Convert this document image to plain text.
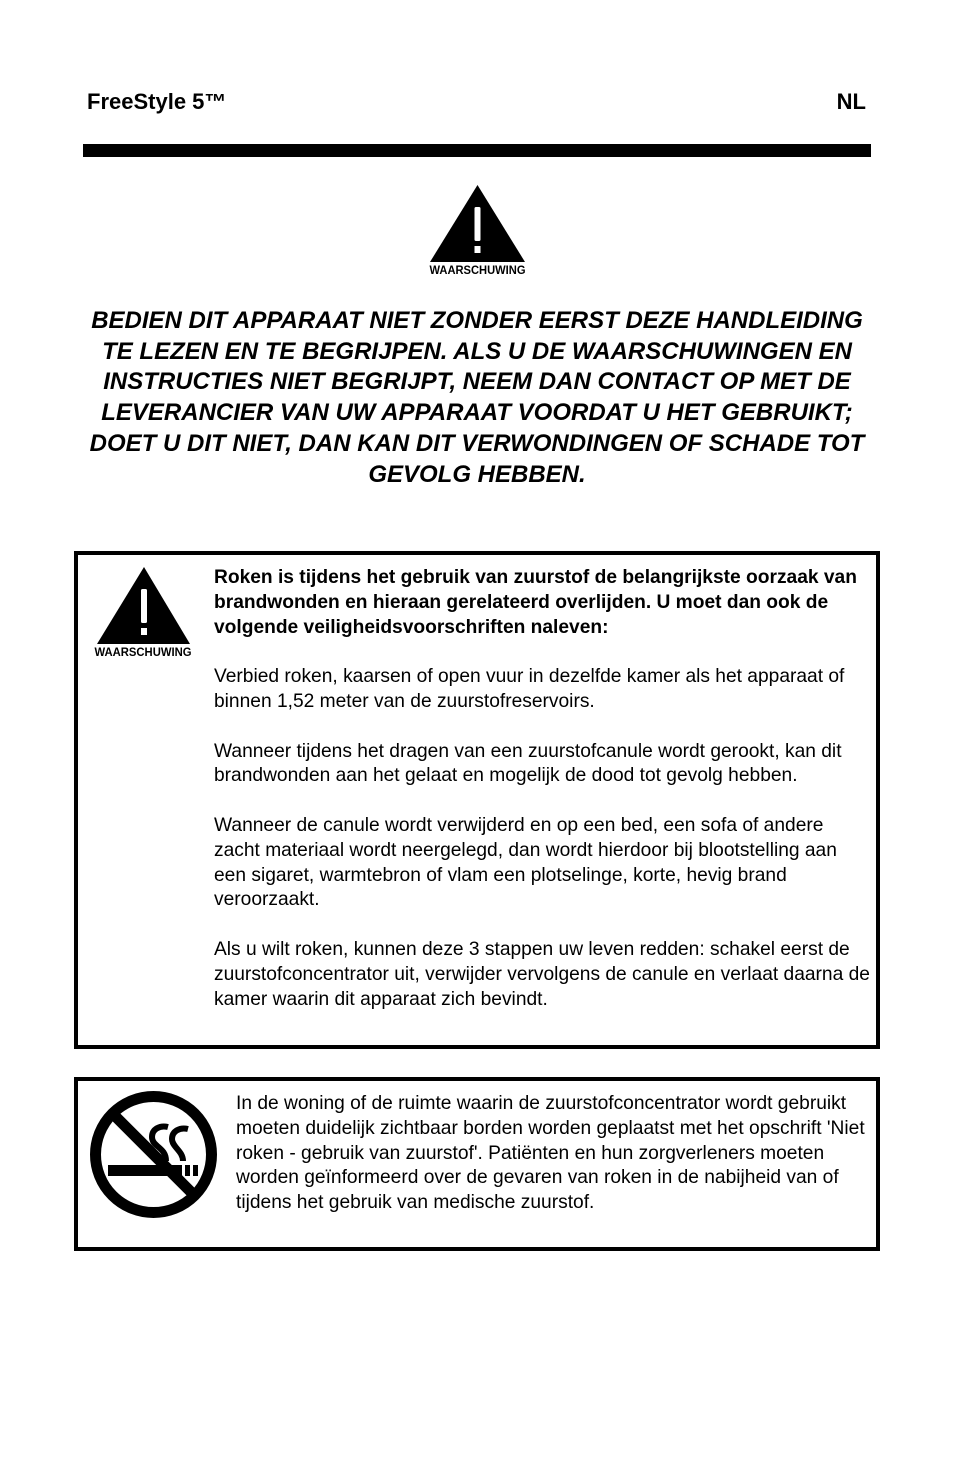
FreeStyle 5™	NL
WAARSCHUWING
BEDIEN DIT APPARAAT NIET ZONDER EERST DEZE HANDLEIDING TE LEZEN EN TE BEGRIJPEN. ALS U DE WAARSCHUWINGEN EN INSTRUCTIES NIET BEGRIJPT, NEEM DAN CONTACT OP MET DE LEVERANCIER VAN UW APPARAAT VOORDAT U HET GEBRUIKT; DOET U DIT NIET, DAN KAN DIT VERWONDINGEN OF SCHADE TOT GEVOLG HEBBEN.
WAARSCHUWING

Roken is tijdens het gebruik van zuurstof de belangrijkste oorzaak van brandwonden en hieraan gerelateerd overlijden. U moet dan ook de volgende veiligheidsvoorschriften naleven:

Verbied roken, kaarsen of open vuur in dezelfde kamer als het apparaat of binnen 1,52 meter van de zuurstofreservoirs.

Wanneer tijdens het dragen van een zuurstofcanule wordt gerookt, kan dit brandwonden aan het gelaat en mogelijk de dood tot gevolg hebben.

Wanneer de canule wordt verwijderd en op een bed, een sofa of andere zacht materiaal wordt neergelegd, dan wordt hierdoor bij blootstelling aan een sigaret, warmtebron of vlam een plotselinge, korte, hevig brand veroorzaakt.

Als u wilt roken, kunnen deze 3 stappen uw leven redden: schakel eerst de zuurstofconcentrator uit, verwijder vervolgens de canule en verlaat daarna de kamer waarin dit apparaat zich bevindt.

In de woning of de ruimte waarin de zuurstofconcentrator wordt gebruikt moeten duidelijk zichtbaar borden worden geplaatst met het opschrift 'Niet roken - gebruik van zuurstof'. Patiënten en hun zorgverleners moeten worden geïnformeerd over de gevaren van roken in de nabijheid van of tijdens het gebruik van medische zuurstof.
